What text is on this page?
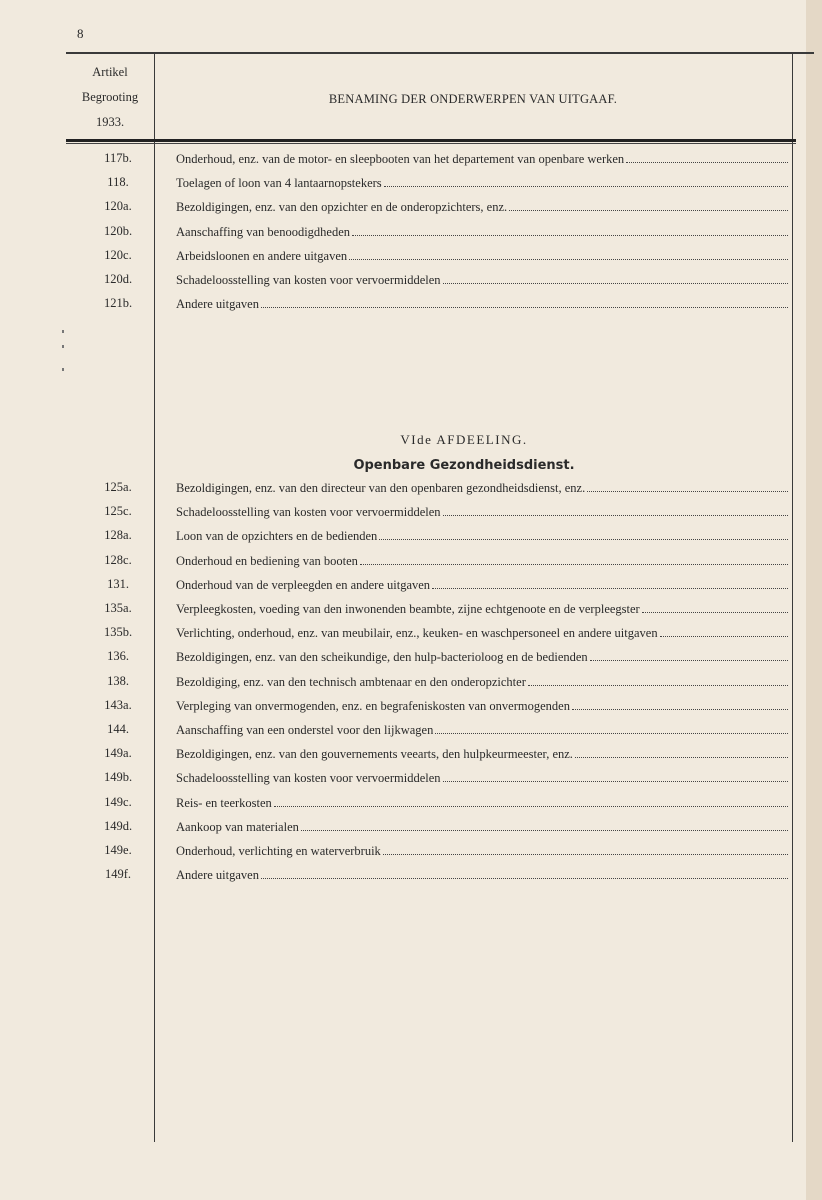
8
Artikel
Begrooting
1933.
BENAMING DER ONDERWERPEN VAN UITGAAF.
117b.	Onderhoud, enz. van de motor- en sleepbooten van het departement van openbare werken
118.	Toelagen of loon van 4 lantaarnopstekers
120a.	Bezoldigingen, enz. van den opzichter en de onderopzichters, enz.
120b.	Aanschaffing van benoodigdheden
120c.	Arbeidsloonen en andere uitgaven
120d.	Schadeloosstelling van kosten voor vervoermiddelen
121b.	Andere uitgaven
VIde AFDEELING.
Openbare Gezondheidsdienst.
125a.	Bezoldigingen, enz. van den directeur van den openbaren gezondheidsdienst, enz.
125c.	Schadeloosstelling van kosten voor vervoermiddelen
128a.	Loon van de opzichters en de bedienden
128c.	Onderhoud en bediening van booten
131.	Onderhoud van de verpleegden en andere uitgaven
135a.	Verpleegkosten, voeding van den inwonenden beambte, zijne echtgenoote en de verpleegster
135b.	Verlichting, onderhoud, enz. van meubilair, enz., keuken- en waschpersoneel en andere uitgaven
136.	Bezoldigingen, enz. van den scheikundige, den hulp-bacterioloog en de bedienden
138.	Bezoldiging, enz. van den technisch ambtenaar en den onderopzichter
143a.	Verpleging van onvermogenden, enz. en begrafeniskosten van onvermogenden
144.	Aanschaffing van een onderstel voor den lijkwagen
149a.	Bezoldigingen, enz. van den gouvernements veearts, den hulpkeurmeester, enz.
149b.	Schadeloosstelling van kosten voor vervoermiddelen
149c.	Reis- en teerkosten
149d.	Aankoop van materialen
149e.	Onderhoud, verlichting en waterverbruik
149f.	Andere uitgaven
